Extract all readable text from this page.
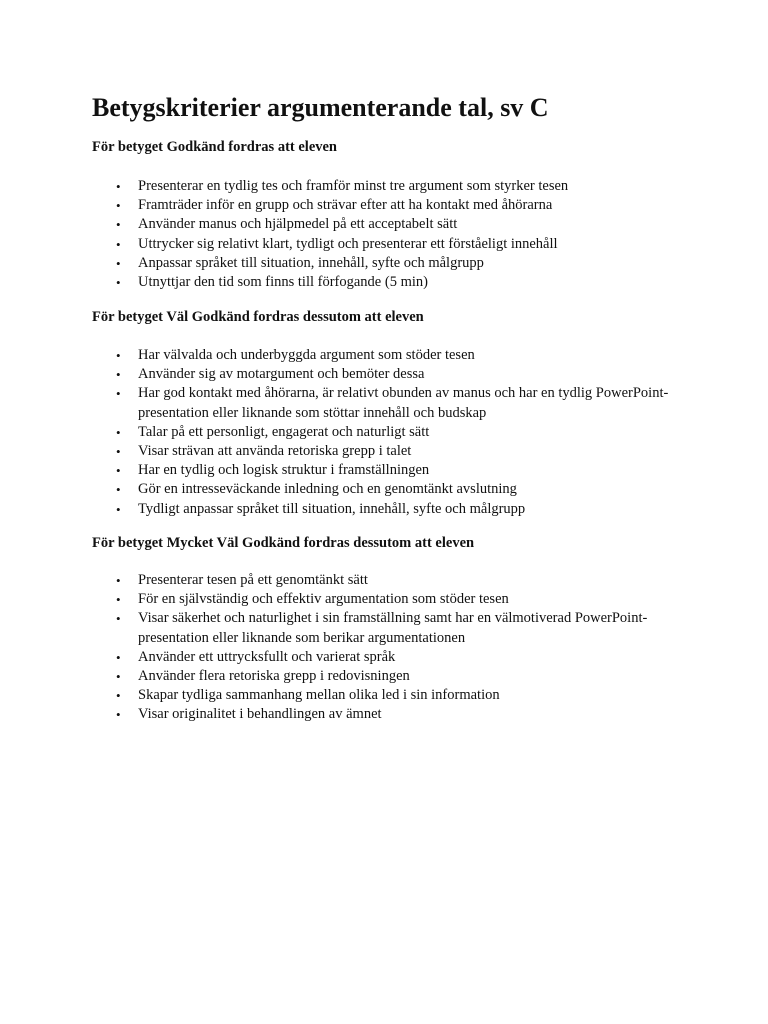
Betygskriterier argumenterande tal, sv C
För betyget Godkänd fordras att eleven
• Presenterar en tydlig tes och framför minst tre argument som styrker tesen
• Framträder inför en grupp och strävar efter att ha kontakt med åhörarna
• Använder manus och hjälpmedel på ett acceptabelt sätt
• Uttrycker sig relativt klart, tydligt och presenterar ett förståeligt innehåll
• Anpassar språket till situation, innehåll, syfte och målgrupp
• Utnyttjar den tid som finns till förfogande (5 min)
För betyget Väl Godkänd fordras dessutom att eleven
• Har välvalda och underbyggda argument som stöder tesen
• Använder sig av motargument och bemöter dessa
• Har god kontakt med åhörarna, är relativt obunden av manus och har en tydlig PowerPoint-presentation eller liknande som stöttar innehåll och budskap
• Talar på ett personligt, engagerat och naturligt sätt
• Visar strävan att använda retoriska grepp i talet
• Har en tydlig och logisk struktur i framställningen
• Gör en intresseväckande inledning och en genomtänkt avslutning
• Tydligt anpassar språket till situation, innehåll, syfte och målgrupp
För betyget Mycket Väl Godkänd fordras dessutom att eleven
• Presenterar tesen på ett genomtänkt sätt
• För en självständig och effektiv argumentation som stöder tesen
• Visar säkerhet och naturlighet i sin framställning samt har en välmotiverad PowerPoint-presentation eller liknande som berikar argumentationen
• Använder ett uttrycksfullt och varierat språk
• Använder flera retoriska grepp i redovisningen
• Skapar tydliga sammanhang mellan olika led i sin information
• Visar originalitet i behandlingen av ämnet
